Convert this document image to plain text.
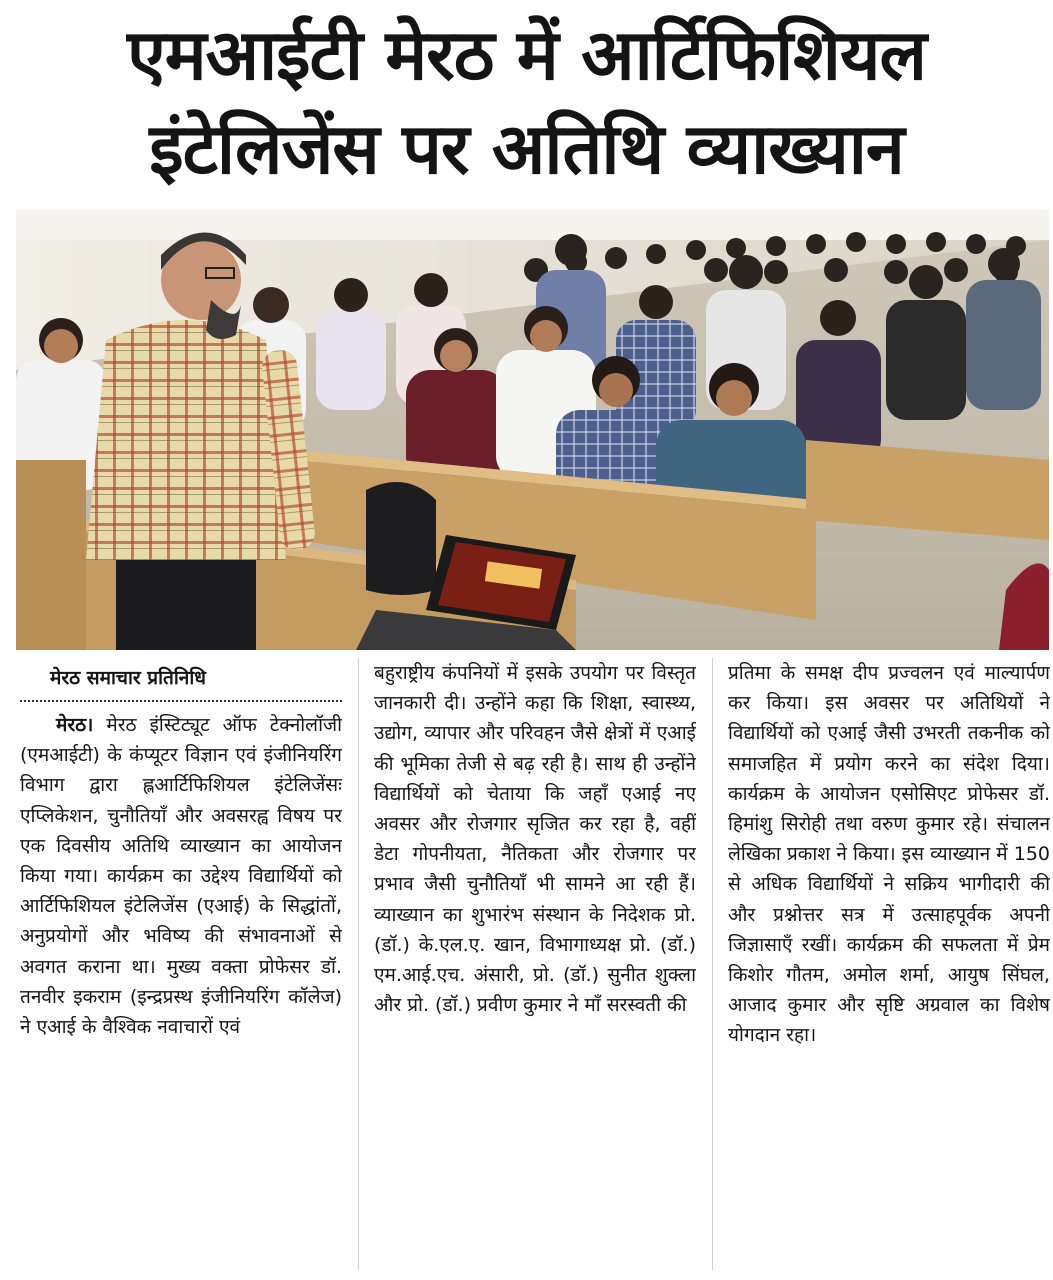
एमआईटी मेरठ में आर्टिफिशियल
इंटेलिजेंस पर अतिथि व्याख्यान
मेरठ समाचार प्रतिनिधि
मेरठ। मेरठ इंस्टिट्यूट ऑफ टेक्नोलॉजी (एमआईटी) के कंप्यूटर विज्ञान एवं इंजीनियरिंग विभाग द्वारा ह्लआर्टिफिशियल इंटेलिजेंसः एप्लिकेशन, चुनौतियाँ और अवसरह्व विषय पर एक दिवसीय अतिथि व्याख्यान का आयोजन किया गया। कार्यक्रम का उद्देश्य विद्यार्थियों को आर्टिफिशियल इंटेलिजेंस (एआई) के सिद्धांतों, अनुप्रयोगों और भविष्य की संभावनाओं से अवगत कराना था। मुख्य वक्ता प्रोफेसर डॉ. तनवीर इकराम (इन्द्रप्रस्थ इंजीनियरिंग कॉलेज) ने एआई के वैश्विक नवाचारों एवं
बहुराष्ट्रीय कंपनियों में इसके उपयोग पर विस्तृत जानकारी दी। उन्होंने कहा कि शिक्षा, स्वास्थ्य, उद्योग, व्यापार और परिवहन जैसे क्षेत्रों में एआई की भूमिका तेजी से बढ़ रही है। साथ ही उन्होंने विद्यार्थियों को चेताया कि जहाँ एआई नए अवसर और रोजगार सृजित कर रहा है, वहीं डेटा गोपनीयता, नैतिकता और रोजगार पर प्रभाव जैसी चुनौतियाँ भी सामने आ रही हैं। व्याख्यान का शुभारंभ संस्थान के निदेशक प्रो. (डॉ.) के.एल.ए. खान, विभागाध्यक्ष प्रो. (डॉ.) एम.आई.एच. अंसारी, प्रो. (डॉ.) सुनीत शुक्ला और प्रो. (डॉ.) प्रवीण कुमार ने माँ सरस्वती की
प्रतिमा के समक्ष दीप प्रज्वलन एवं माल्यार्पण कर किया। इस अवसर पर अतिथियों ने विद्यार्थियों को एआई जैसी उभरती तकनीक को समाजहित में प्रयोग करने का संदेश दिया। कार्यक्रम के आयोजन एसोसिएट प्रोफेसर डॉ. हिमांशु सिरोही तथा वरुण कुमार रहे। संचालन लेखिका प्रकाश ने किया। इस व्याख्यान में 150 से अधिक विद्यार्थियों ने सक्रिय भागीदारी की और प्रश्नोत्तर सत्र में उत्साहपूर्वक अपनी जिज्ञासाएँ रखीं। कार्यक्रम की सफलता में प्रेम किशोर गौतम, अमोल शर्मा, आयुष सिंघल, आजाद कुमार और सृष्टि अग्रवाल का विशेष योगदान रहा।
